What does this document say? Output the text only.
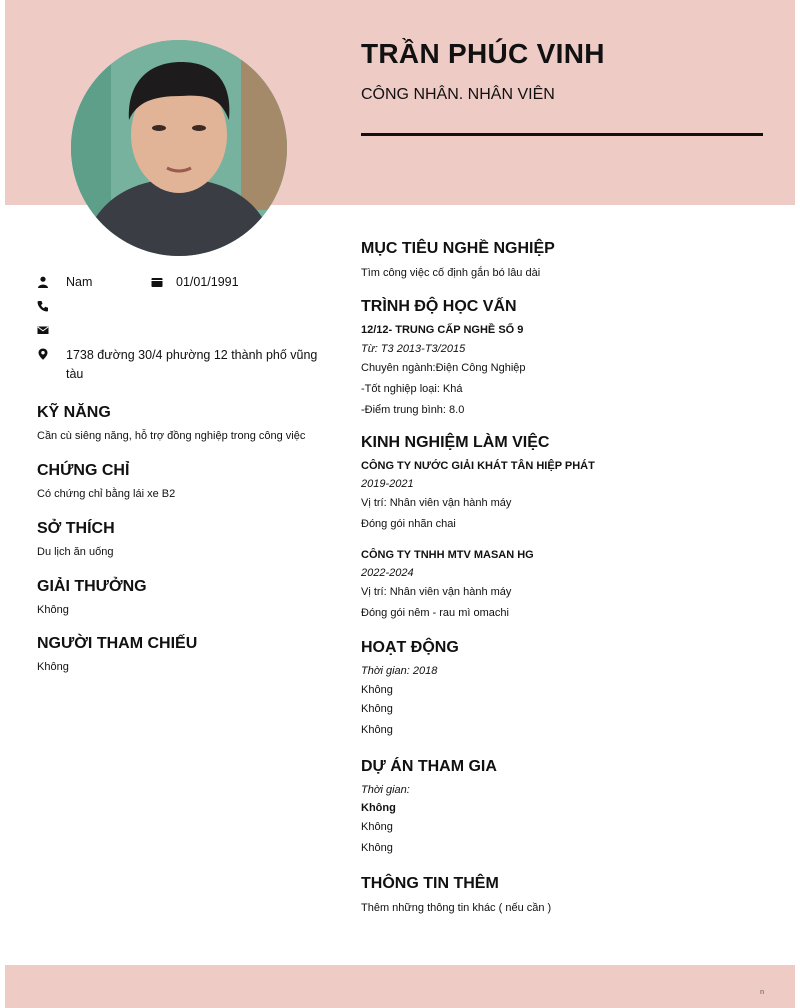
n
TRẦN PHÚC VINH

CÔNG NHÂN. NHÂN VIÊN

Nam	01/01/1991
1738 đường 30/4 phường 12 thành phố vũng tàu
KỸ NĂNG

Cần cù siêng năng, hỗ trợ đồng nghiệp trong công việc

CHỨNG CHỈ

Có chứng chỉ bằng lái xe B2

SỞ THÍCH

Du lịch ăn uống

GIẢI THƯỞNG

Không

NGƯỜI THAM CHIẾU

Không

MỤC TIÊU NGHỀ NGHIỆP

Tìm công việc cố định gắn bó lâu dài

TRÌNH ĐỘ HỌC VẤN

12/12- TRUNG CẤP NGHỀ SỐ 9

Từ: T3 2013-T3/2015

Chuyên ngành:Điện Công Nghiệp

-Tốt nghiệp loại: Khá

-Điểm trung bình: 8.0

KINH NGHIỆM LÀM VIỆC

CÔNG TY NƯỚC GIẢI KHÁT TÂN HIỆP PHÁT

2019-2021

Vị trí: Nhân viên vận hành máy

Đóng gói nhãn chai

CÔNG TY TNHH MTV MASAN HG

2022-2024

Vị trí: Nhân viên vận hành máy

Đóng gói nêm - rau mì omachi

HOẠT ĐỘNG

Thời gian: 2018

Không

Không

Không

DỰ ÁN THAM GIA

Thời gian:

Không

Không

Không

THÔNG TIN THÊM

Thêm những thông tin khác ( nếu cần )
